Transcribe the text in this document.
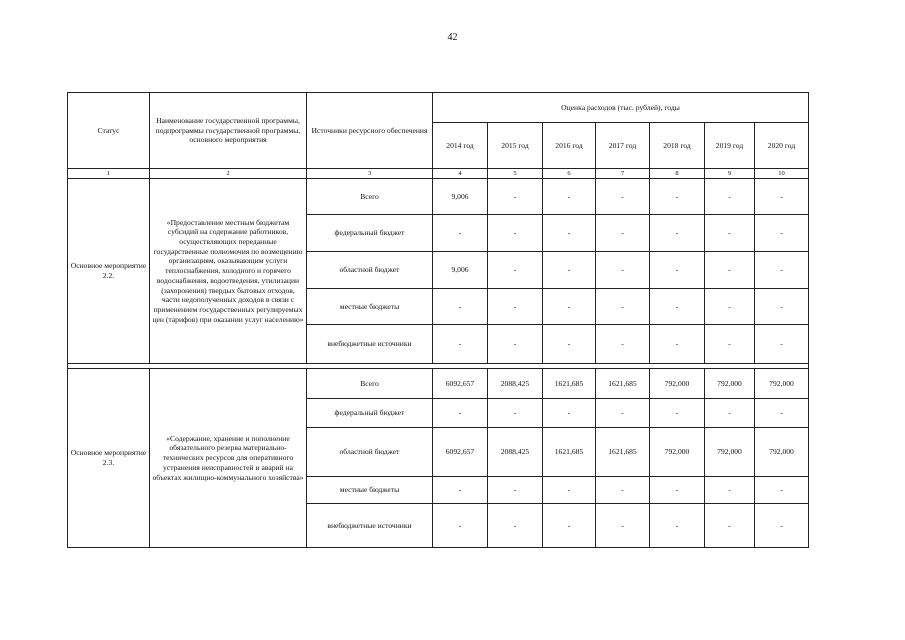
42
Статус	Наименование государственной программы, подпрограммы государственной программы, основного мероприятия	Источники ресурсного обеспечения	Оценка расходов (тыс. рублей), годы						
			2014 год	2015 год	2016 год	2017 год	2018 год	2019 год	2020 год
1	2	3	4	5	6	7	8	9	10
Основное мероприятие 2.2.	«Предоставление местным бюджетам субсидий на содержание работников, осуществляющих переданные государственные полномочия по возмещению организациям, оказывающим услуги теплоснабжения, холодного и горячего водоснабжения, водоотведения, утилизации (захоронения) твердых бытовых отходов, части недополученных доходов в связи с применением государственных регулируемых цен (тарифов) при оказании услуг населению»	Всего	9,006	-	-	-	-	-	-
		федеральный бюджет	-	-	-	-	-	-	-
		областной бюджет	9,006	-	-	-	-	-	-
		местные бюджеты	-	-	-	-	-	-	-
		внебюджетные источники	-	-	-	-	-	-	-

Основное мероприятие 2.3.	«Содержание, хранение и пополнение обязательного резерва материально-технических ресурсов для оперативного устранения неисправностей и аварий на объектах жилищно-коммунального хозяйства»	Всего	6092,657	2088,425	1621,685	1621,685	792,000	792,000	792,000
		федеральный бюджет	-	-	-	-	-	-	-
		областной бюджет	6092,657	2088,425	1621,685	1621,685	792,000	792,000	792,000
		местные бюджеты	-	-	-	-	-	-	-
		внебюджетные источники	-	-	-	-	-	-	-
